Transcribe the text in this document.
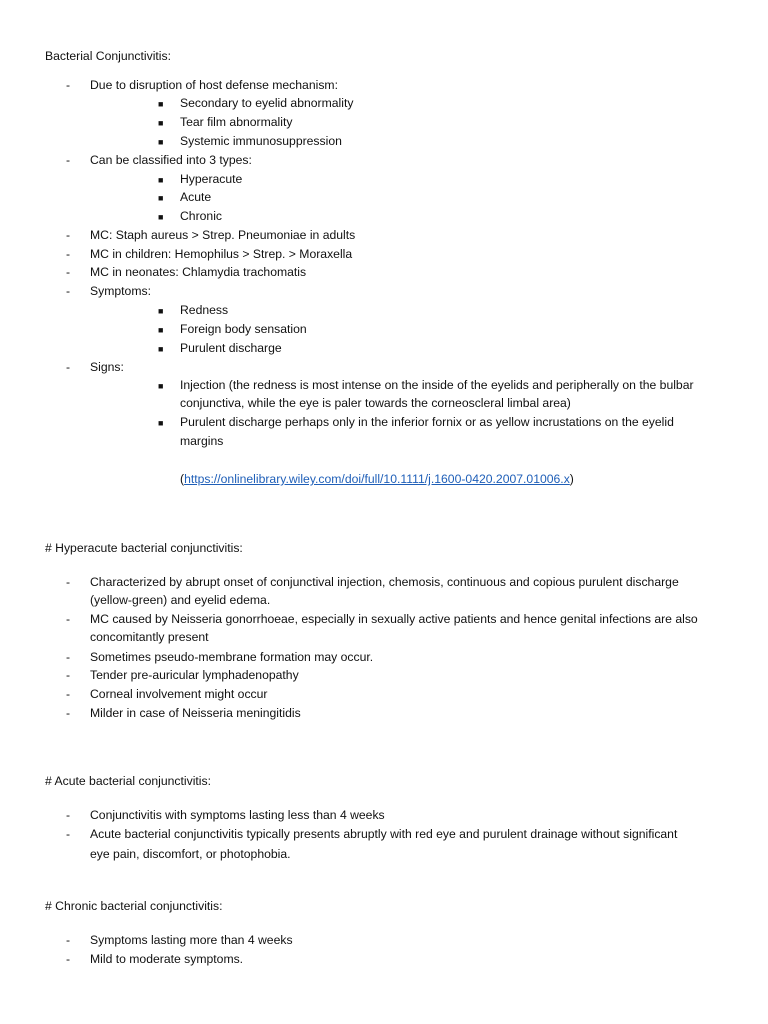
Bacterial Conjunctivitis:
- Due to disruption of host defense mechanism:
■ Secondary to eyelid abnormality
■ Tear film abnormality
■ Systemic immunosuppression
- Can be classified into 3 types:
■ Hyperacute
■ Acute
■ Chronic
- MC: Staph aureus > Strep. Pneumoniae in adults
- MC in children: Hemophilus > Strep. > Moraxella
- MC in neonates: Chlamydia trachomatis
- Symptoms:
■ Redness
■ Foreign body sensation
■ Purulent discharge
- Signs:
■ Injection (the redness is most intense on the inside of the eyelids and peripherally on the bulbar
conjunctiva, while the eye is paler towards the corneoscleral limbal area)
■ Purulent discharge perhaps only in the inferior fornix or as yellow incrustations on the eyelid
margins
(https://onlinelibrary.wiley.com/doi/full/10.1111/j.1600-0420.2007.01006.x)
# Hyperacute bacterial conjunctivitis:
- Characterized by abrupt onset of conjunctival injection, chemosis, continuous and copious purulent discharge
(yellow-green) and eyelid edema.
- MC caused by Neisseria gonorrhoeae, especially in sexually active patients and hence genital infections are also
concomitantly present
- Sometimes pseudo-membrane formation may occur.
- Tender pre-auricular lymphadenopathy
- Corneal involvement might occur
- Milder in case of Neisseria meningitidis
# Acute bacterial conjunctivitis:
- Conjunctivitis with symptoms lasting less than 4 weeks
- Acute bacterial conjunctivitis typically presents abruptly with red eye and purulent drainage without significant
eye pain, discomfort, or photophobia.
# Chronic bacterial conjunctivitis:
- Symptoms lasting more than 4 weeks
- Mild to moderate symptoms.
